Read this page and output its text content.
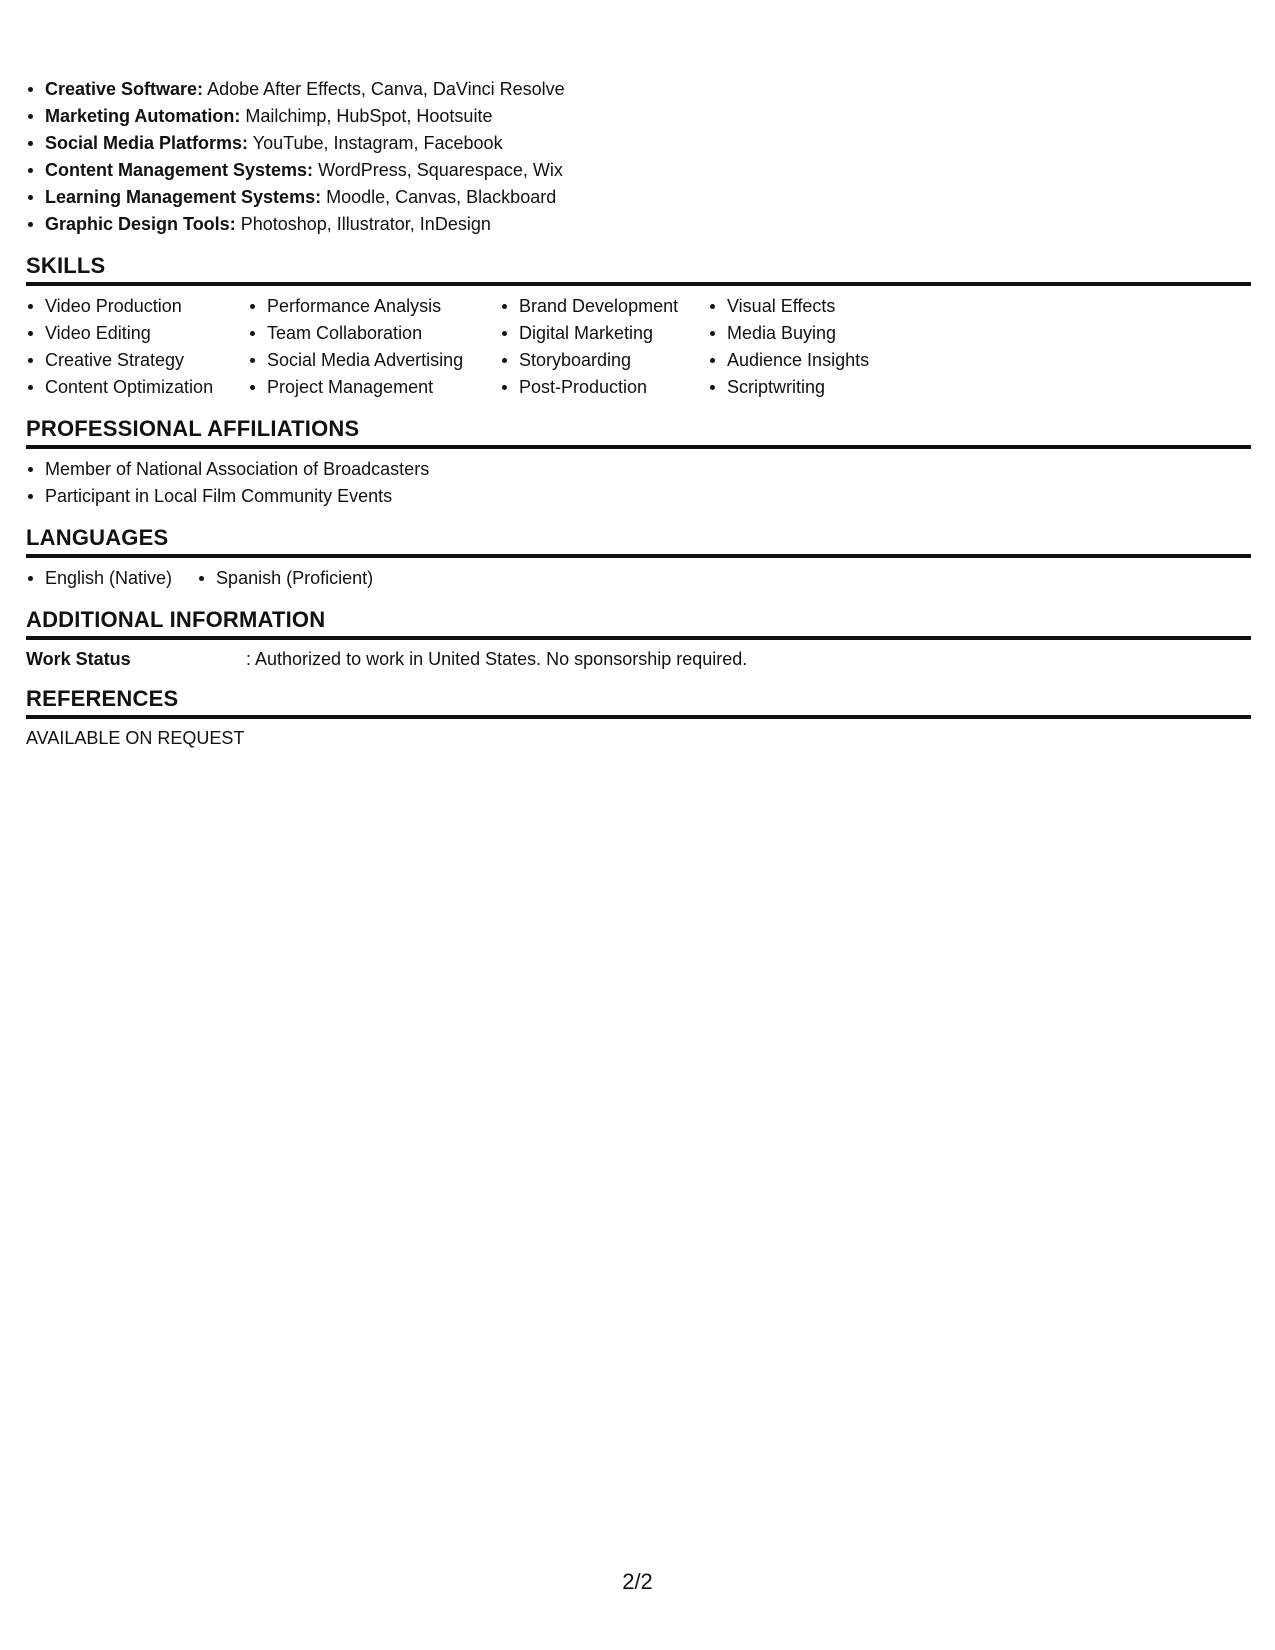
Creative Software: Adobe After Effects, Canva, DaVinci Resolve
Marketing Automation: Mailchimp, HubSpot, Hootsuite
Social Media Platforms: YouTube, Instagram, Facebook
Content Management Systems: WordPress, Squarespace, Wix
Learning Management Systems: Moodle, Canvas, Blackboard
Graphic Design Tools: Photoshop, Illustrator, InDesign
SKILLS
Video Production
Video Editing
Creative Strategy
Content Optimization
Performance Analysis
Team Collaboration
Social Media Advertising
Project Management
Brand Development
Digital Marketing
Storyboarding
Post-Production
Visual Effects
Media Buying
Audience Insights
Scriptwriting
PROFESSIONAL AFFILIATIONS
Member of National Association of Broadcasters
Participant in Local Film Community Events
LANGUAGES
English (Native)	Spanish (Proficient)
ADDITIONAL INFORMATION
Work Status	: Authorized to work in United States. No sponsorship required.
REFERENCES
AVAILABLE ON REQUEST
2/2
